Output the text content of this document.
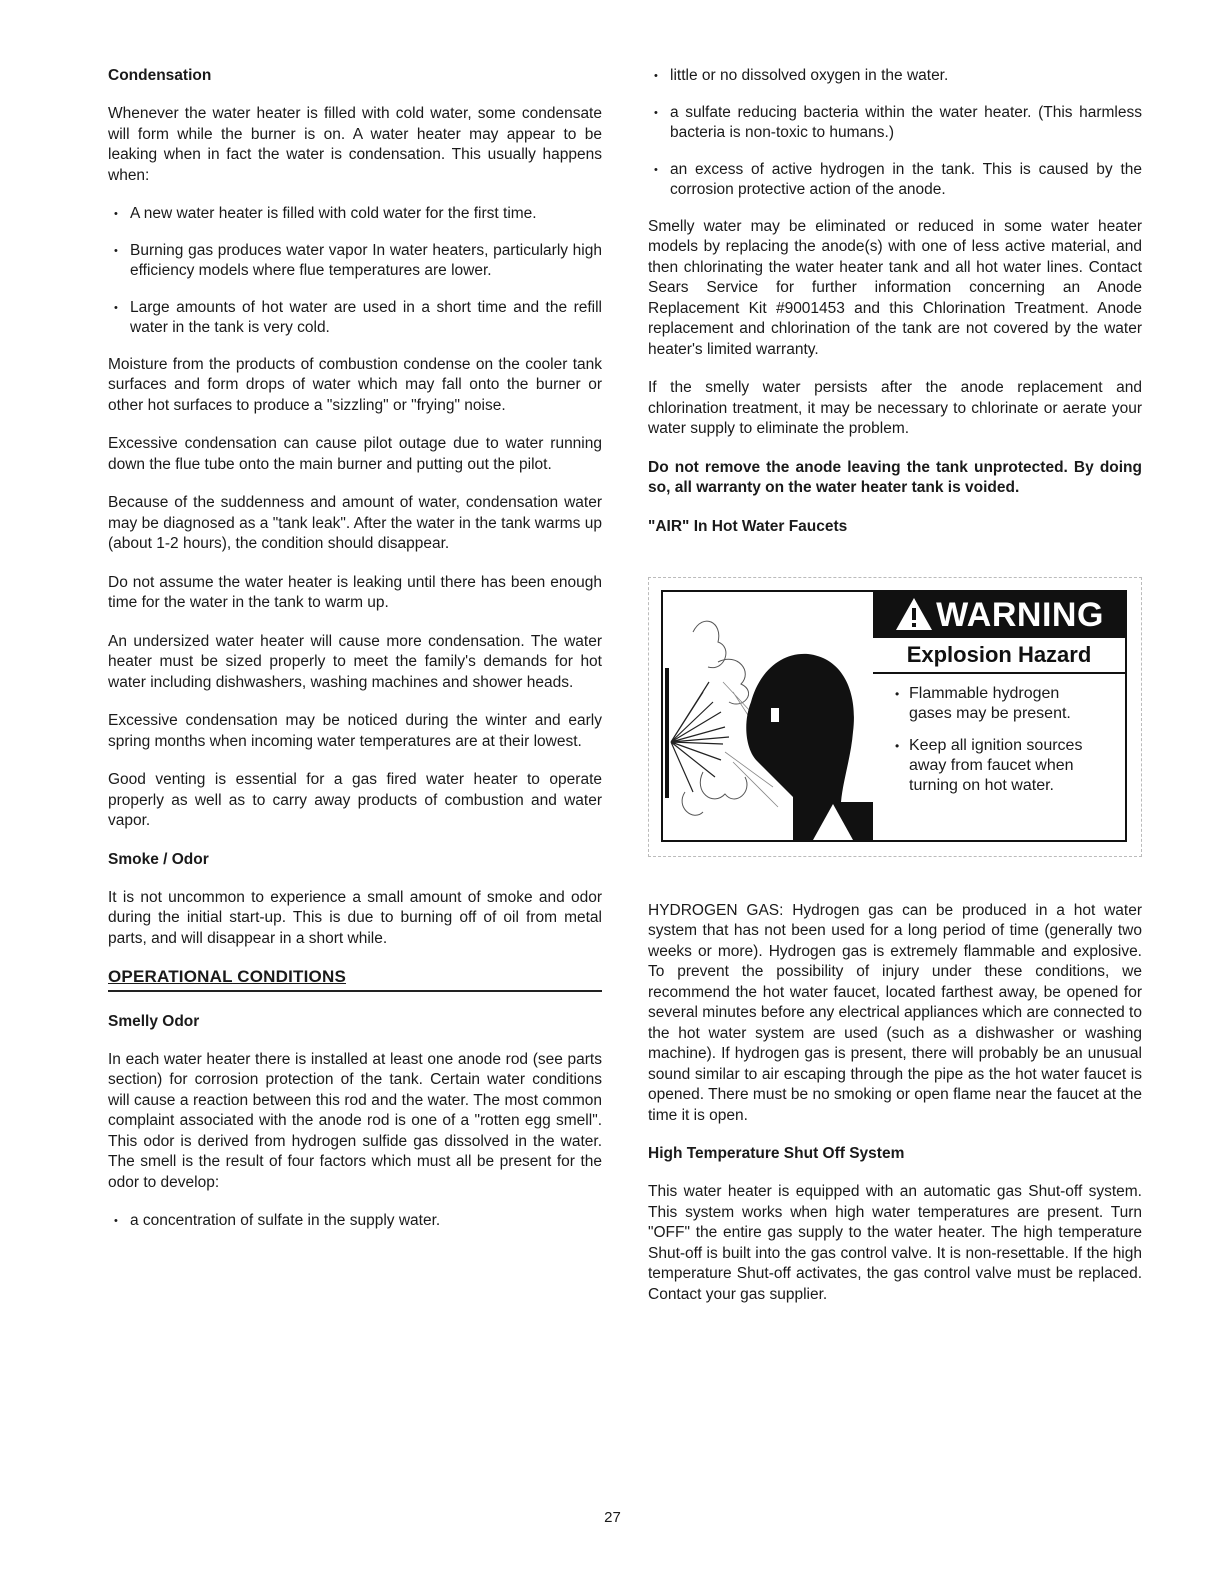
Condensation

Whenever the water heater is filled with cold water, some condensate will form while the burner is on. A water heater may appear to be leaking when in fact the water is condensation. This usually happens when:

• A new water heater is filled with cold water for the first time.
• Burning gas produces water vapor In water heaters, particularly high efficiency models where flue temperatures are lower.
• Large amounts of hot water are used in a short time and the refill water in the tank is very cold.

Moisture from the products of combustion condense on the cooler tank surfaces and form drops of water which may fall onto the burner or other hot surfaces to produce a "sizzling" or "frying" noise.

Excessive condensation can cause pilot outage due to water running down the flue tube onto the main burner and putting out the pilot.

Because of the suddenness and amount of water, condensation water may be diagnosed as a "tank leak". After the water in the tank warms up (about 1-2 hours), the condition should disappear.

Do not assume the water heater is leaking until there has been enough time for the water in the tank to warm up.

An undersized water heater will cause more condensation. The water heater must be sized properly to meet the family's demands for hot water including dishwashers, washing machines and shower heads.

Excessive condensation may be noticed during the winter and early spring months when incoming water temperatures are at their lowest.

Good venting is essential for a gas fired water heater to operate properly as well as to carry away products of combustion and water vapor.

Smoke / Odor

It is not uncommon to experience a small amount of smoke and odor during the initial start-up. This is due to burning off of oil from metal parts, and will disappear in a short while.

OPERATIONAL CONDITIONS
Smelly Odor

In each water heater there is installed at least one anode rod (see parts section) for corrosion protection of the tank. Certain water conditions will cause a reaction between this rod and the water. The most common complaint associated with the anode rod is one of a "rotten egg smell". This odor is derived from hydrogen sulfide gas dissolved in the water. The smell is the result of four factors which must all be present for the odor to develop:

• a concentration of sulfate in the supply water.
• little or no dissolved oxygen in the water.
• a sulfate reducing bacteria within the water heater. (This harmless bacteria is non-toxic to humans.)
• an excess of active hydrogen in the tank. This is caused by the corrosion protective action of the anode.

Smelly water may be eliminated or reduced in some water heater models by replacing the anode(s) with one of less active material, and then chlorinating the water heater tank and all hot water lines. Contact Sears Service for further information concerning an Anode Replacement Kit #9001453 and this Chlorination Treatment. Anode replacement and chlorination of the tank are not covered by the water heater's limited warranty.

If the smelly water persists after the anode replacement and chlorination treatment, it may be necessary to chlorinate or aerate your water supply to eliminate the problem.

Do not remove the anode leaving the tank unprotected. By doing so, all warranty on the water heater tank is voided.

"AIR" In Hot Water Faucets
WARNING
Explosion Hazard
• Flammable hydrogen gases may be present.
• Keep all ignition sources away from faucet when turning on hot water.

HYDROGEN GAS: Hydrogen gas can be produced in a hot water system that has not been used for a long period of time (generally two weeks or more). Hydrogen gas is extremely flammable and explosive. To prevent the possibility of injury under these conditions, we recommend the hot water faucet, located farthest away, be opened for several minutes before any electrical appliances which are connected to the hot water system are used (such as a dishwasher or washing machine). If hydrogen gas is present, there will probably be an unusual sound similar to air escaping through the pipe as the hot water faucet is opened. There must be no smoking or open flame near the faucet at the time it is open.

High Temperature Shut Off System

This water heater is equipped with an automatic gas Shut-off system. This system works when high water temperatures are present. Turn "OFF" the entire gas supply to the water heater. The high temperature Shut-off is built into the gas control valve. It is non-resettable. If the high temperature Shut-off activates, the gas control valve must be replaced. Contact your gas supplier.

27
